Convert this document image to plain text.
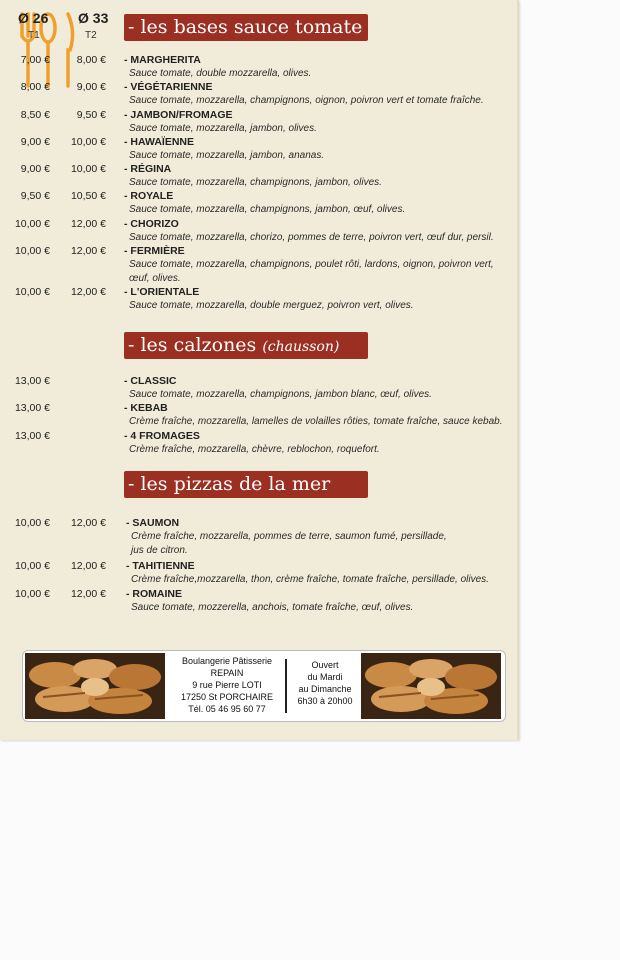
Ø 26 Ø 33
T1	T2 - les bases sauce tomate
7,00 €	8,00 € - MARGHERITA
Sauce tomate, double mozzarella, olives.
8,00 €	9,00 € - VÉGÉTARIENNE
Sauce tomate, mozzarella, champignons, oignon, poivron vert et tomate fraîche.
8,50 €	9,50 € - JAMBON/FROMAGE
Sauce tomate, mozzarella, jambon, olives.
9,00 €	10,00 € - HAWAÏENNE
Sauce tomate, mozzarella, jambon, ananas.
9,00 €	10,00 € - RÉGINA
Sauce tomate, mozzarella, champignons, jambon, olives.
9,50 €	10,50 € - ROYALE
Sauce tomate, mozzarella, champignons, jambon, œuf, olives.
10,00 €	12,00 € - CHORIZO
Sauce tomate, mozzarella, chorizo, pommes de terre, poivron vert, œuf dur, persil.
10,00 €	12,00 € - FERMIÈRE
Sauce tomate, mozzarella, champignons, poulet rôti, lardons, oignon, poivron vert, œuf, olives.
10,00 €	12,00 € - L'ORIENTALE
Sauce tomate, mozzarella, double merguez, poivron vert, olives.
- les calzones (chausson)
13,00 €	- CLASSIC
Sauce tomate, mozzarella, champignons, jambon blanc, œuf, olives.
13,00 €	- KEBAB
Crème fraîche, mozzarella, lamelles de volailles rôties, tomate fraîche, sauce kebab.
13,00 €	- 4 FROMAGES
Crème fraîche, mozzarella, chèvre, reblochon, roquefort.
- les pizzas de la mer
10,00 €	12,00 € - SAUMON
Crème fraîche, mozzarella, pommes de terre, saumon fumé, persillade, jus de citron.
10,00 €	12,00 € - TAHITIENNE
Crème fraîche,mozzarella, thon, crème fraîche, tomate fraîche, persillade, olives.
10,00 €	12,00 € - ROMAINE
Sauce tomate, mozzerella, anchois, tomate fraîche, œuf, olives.
Boulangerie Pâtisserie
REPAIN
9 rue Pierre LOTI
17250 St PORCHAIRE
Tél. 05 46 95 60 77
Ouvert
du Mardi
au Dimanche
6h30 à 20h00
